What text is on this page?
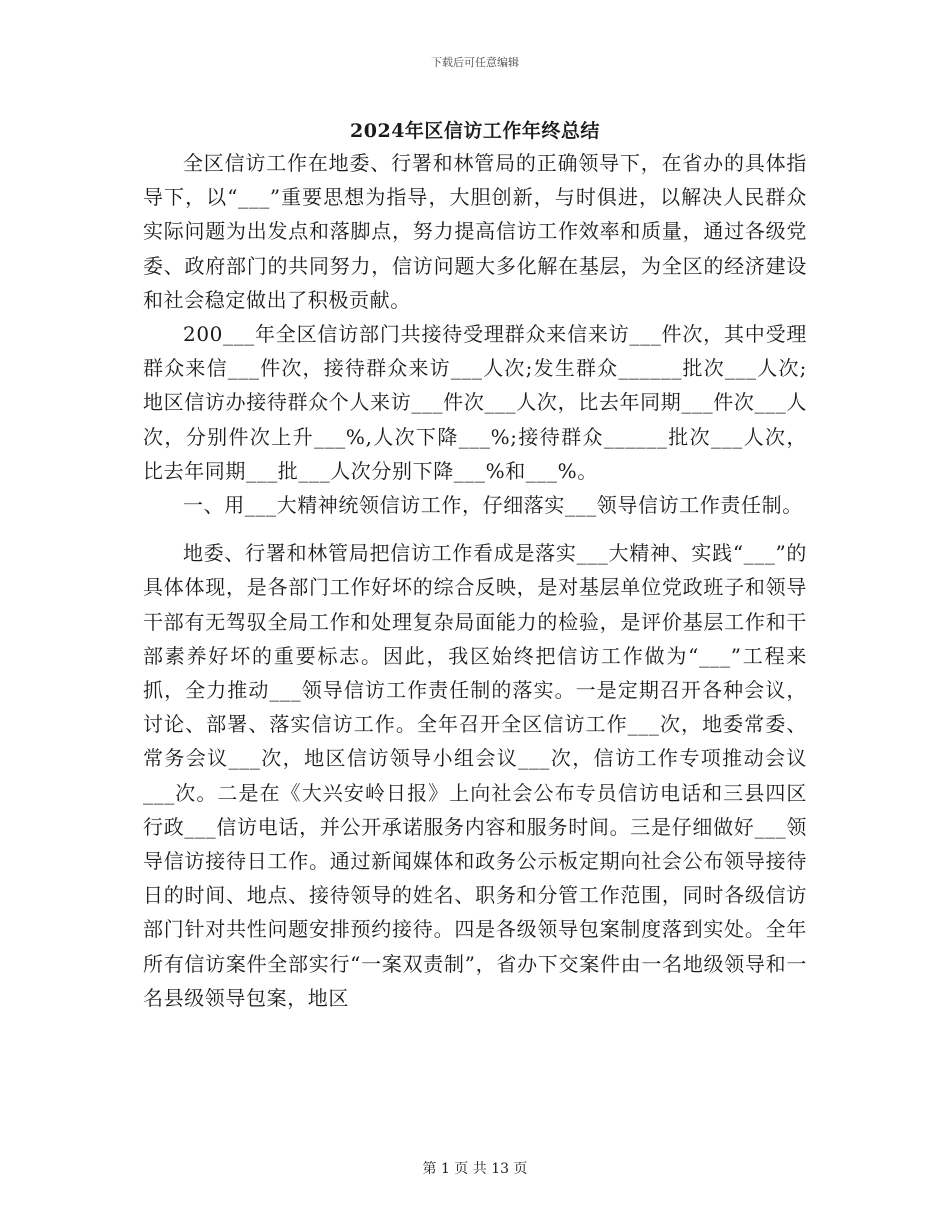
下载后可任意编辑
2024年区信访工作年终总结

全区信访工作在地委、行署和林管局的正确领导下，在省办的具体指导下，以“___”重要思想为指导，大胆创新，与时俱进，以解决人民群众实际问题为出发点和落脚点，努力提高信访工作效率和质量，通过各级党委、政府部门的共同努力，信访问题大多化解在基层，为全区的经济建设和社会稳定做出了积极贡献。

200___年全区信访部门共接待受理群众来信来访___件次，其中受理群众来信___件次，接待群众来访___人次;发生群众______批次___人次;地区信访办接待群众个人来访___件次___人次，比去年同期___件次___人次，分别件次上升___%,人次下降___%;接待群众______批次___人次，比去年同期___批___人次分别下降___%和___%。

一、用___大精神统领信访工作，仔细落实___领导信访工作责任制。

地委、行署和林管局把信访工作看成是落实___大精神、实践“___”的具体体现，是各部门工作好坏的综合反映，是对基层单位党政班子和领导干部有无驾驭全局工作和处理复杂局面能力的检验，是评价基层工作和干部素养好坏的重要标志。因此，我区始终把信访工作做为“___”工程来抓，全力推动___领导信访工作责任制的落实。一是定期召开各种会议，讨论、部署、落实信访工作。全年召开全区信访工作___次，地委常委、常务会议___次，地区信访领导小组会议___次，信访工作专项推动会议___次。二是在《大兴安岭日报》上向社会公布专员信访电话和三县四区行政___信访电话，并公开承诺服务内容和服务时间。三是仔细做好___领导信访接待日工作。通过新闻媒体和政务公示板定期向社会公布领导接待日的时间、地点、接待领导的姓名、职务和分管工作范围，同时各级信访部门针对共性问题安排预约接待。四是各级领导包案制度落到实处。全年所有信访案件全部实行“一案双责制”，省办下交案件由一名地级领导和一名县级领导包案，地区

第 1 页 共 13 页
